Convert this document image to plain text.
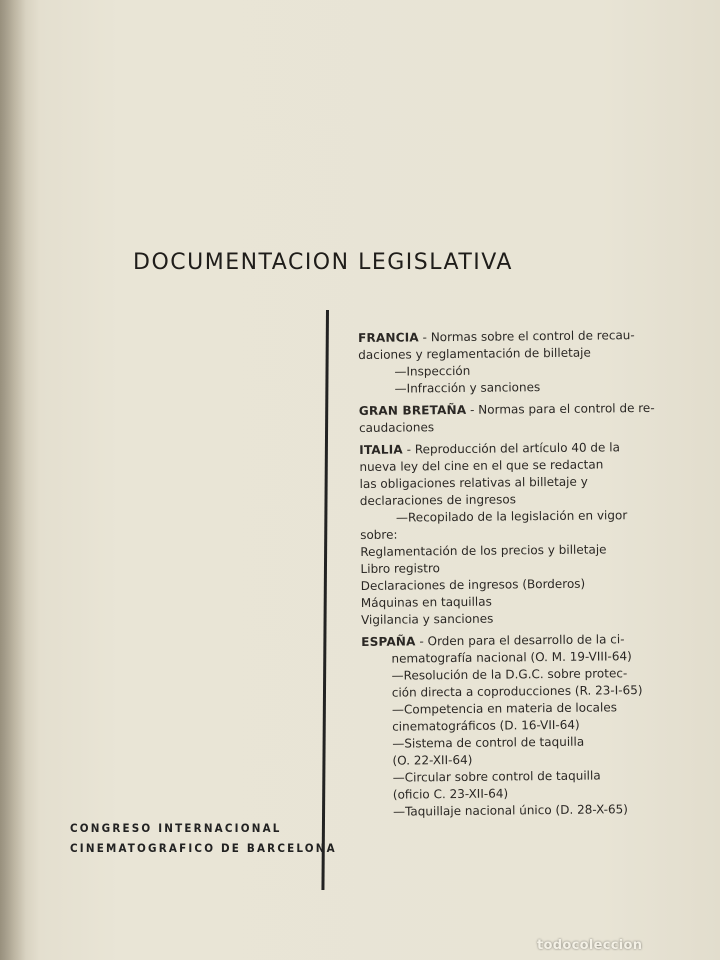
DOCUMENTACION LEGISLATIVA
FRANCIA - Normas sobre el control de recau-
daciones y reglamentación de billetaje
—Inspección
—Infracción y sanciones
GRAN BRETAÑA - Normas para el control de re-
caudaciones
ITALIA - Reproducción del artículo 40 de la
nueva ley del cine en el que se redactan
las obligaciones relativas al billetaje y
declaraciones de ingresos
—Recopilado de la legislación en vigor
sobre:
Reglamentación de los precios y billetaje
Libro registro
Declaraciones de ingresos (Borderos)
Máquinas en taquillas
Vigilancia y sanciones
ESPAÑA - Orden para el desarrollo de la ci-
nematografía nacional (O. M. 19-VIII-64)
—Resolución de la D.G.C. sobre protec-
ción directa a coproducciones (R. 23-I-65)
—Competencia en materia de locales
cinematográficos (D. 16-VII-64)
—Sistema de control de taquilla
(O. 22-XII-64)
—Circular sobre control de taquilla
(oficio C. 23-XII-64)
—Taquillaje nacional único (D. 28-X-65)
CONGRESO INTERNACIONAL
CINEMATOGRAFICO DE BARCELONA
todocoleccion
